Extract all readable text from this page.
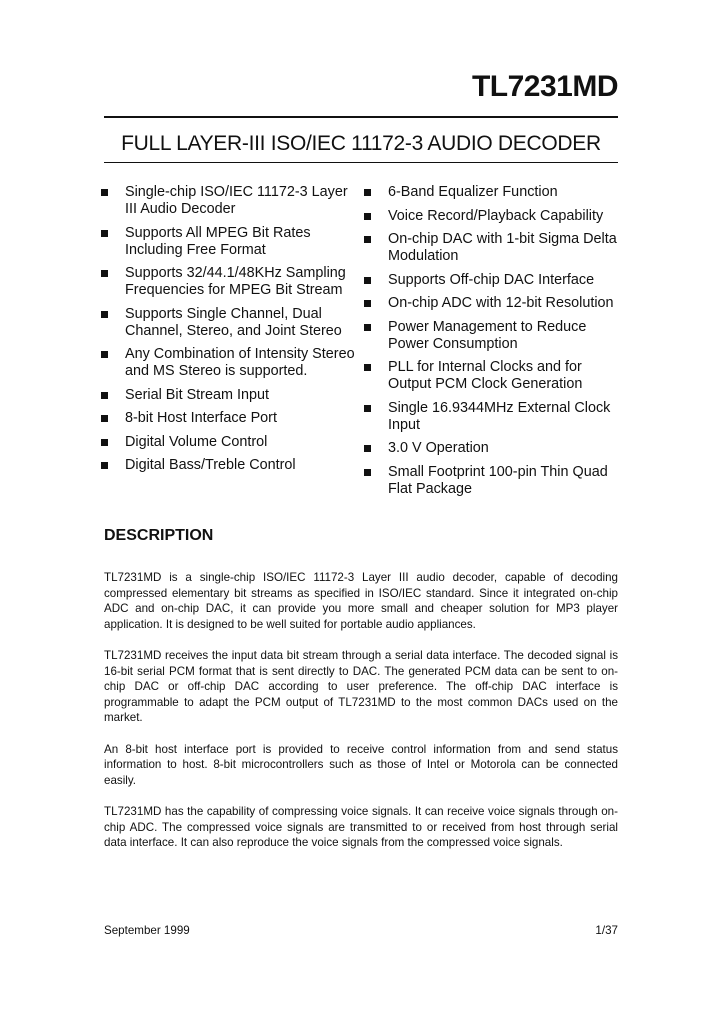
TL7231MD
FULL LAYER-III ISO/IEC 11172-3 AUDIO DECODER
Single-chip ISO/IEC 11172-3 Layer III Audio Decoder
Supports All MPEG Bit Rates Including Free Format
Supports 32/44.1/48KHz Sampling Frequencies for MPEG Bit Stream
Supports Single Channel, Dual Channel, Stereo, and Joint Stereo
Any Combination of Intensity Stereo and MS Stereo is supported.
Serial Bit Stream Input
8-bit Host Interface Port
Digital Volume Control
Digital Bass/Treble Control
6-Band Equalizer Function
Voice Record/Playback Capability
On-chip DAC with 1-bit Sigma Delta Modulation
Supports Off-chip DAC Interface
On-chip ADC with 12-bit Resolution
Power Management to Reduce Power Consumption
PLL for Internal Clocks and for Output PCM Clock Generation
Single 16.9344MHz External Clock Input
3.0 V Operation
Small Footprint 100-pin Thin Quad Flat Package
DESCRIPTION

TL7231MD is a single-chip ISO/IEC 11172-3 Layer III audio decoder, capable of decoding compressed elementary bit streams as specified in ISO/IEC standard. Since it integrated on-chip ADC and on-chip DAC, it can provide you more small and cheaper solution for MP3 player application. It is designed to be well suited for portable audio appliances.

TL7231MD receives the input data bit stream through a serial data interface. The decoded signal is 16-bit serial PCM format that is sent directly to DAC. The generated PCM data can be sent to on-chip DAC or off-chip DAC according to user preference. The off-chip DAC interface is programmable to adapt the PCM output of TL7231MD to the most common DACs used on the market.

An 8-bit host interface port is provided to receive control information from and send status information to host. 8-bit microcontrollers such as those of Intel or Motorola can be connected easily.

TL7231MD has the capability of compressing voice signals. It can receive voice signals through on-chip ADC. The compressed voice signals are transmitted to or received from host through serial data interface. It can also reproduce the voice signals from the compressed voice signals.

September 1999	1/37
